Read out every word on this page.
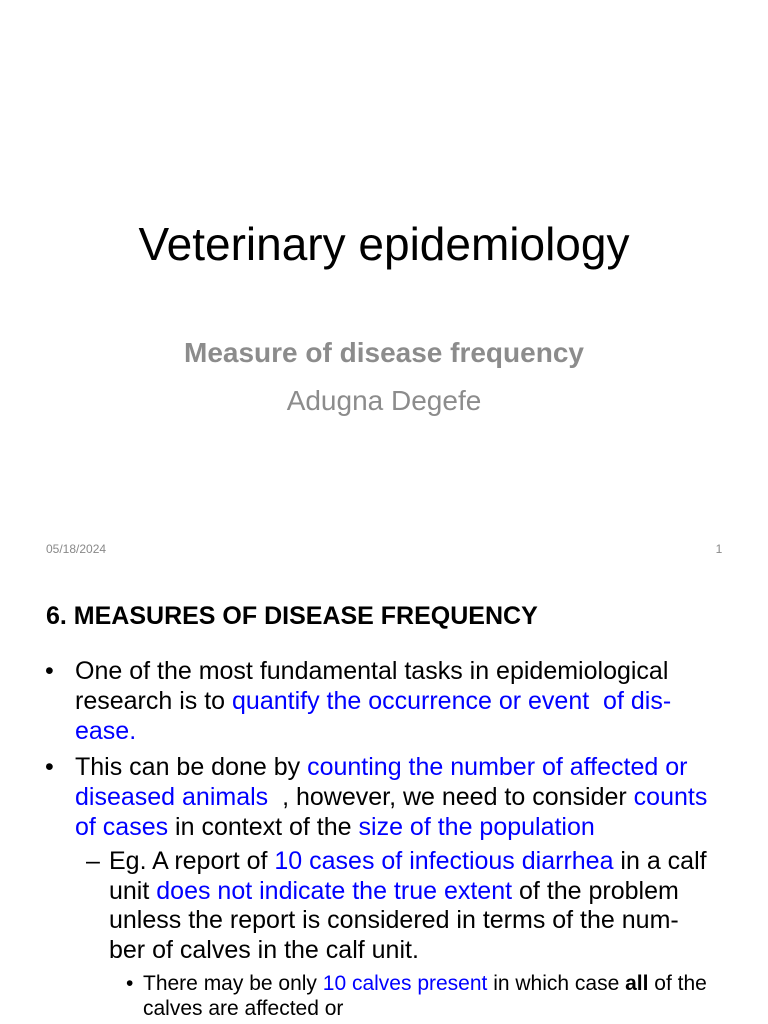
Veterinary epidemiology
Measure of disease frequency
Adugna Degefe
05/18/2024	1
6. MEASURES OF DISEASE FREQUENCY
• One of the most fundamental tasks in epidemiological
research is to quantify the occurrence or event  of dis-
ease.
• This can be done by counting the number of affected or
diseased animals  , however, we need to consider counts
of cases in context of the size of the population
– Eg. A report of 10 cases of infectious diarrhea in a calf
unit does not indicate the true extent of the problem
unless the report is considered in terms of the num-
ber of calves in the calf unit.
• There may be only 10 calves present in which case all of the
calves are affected or
